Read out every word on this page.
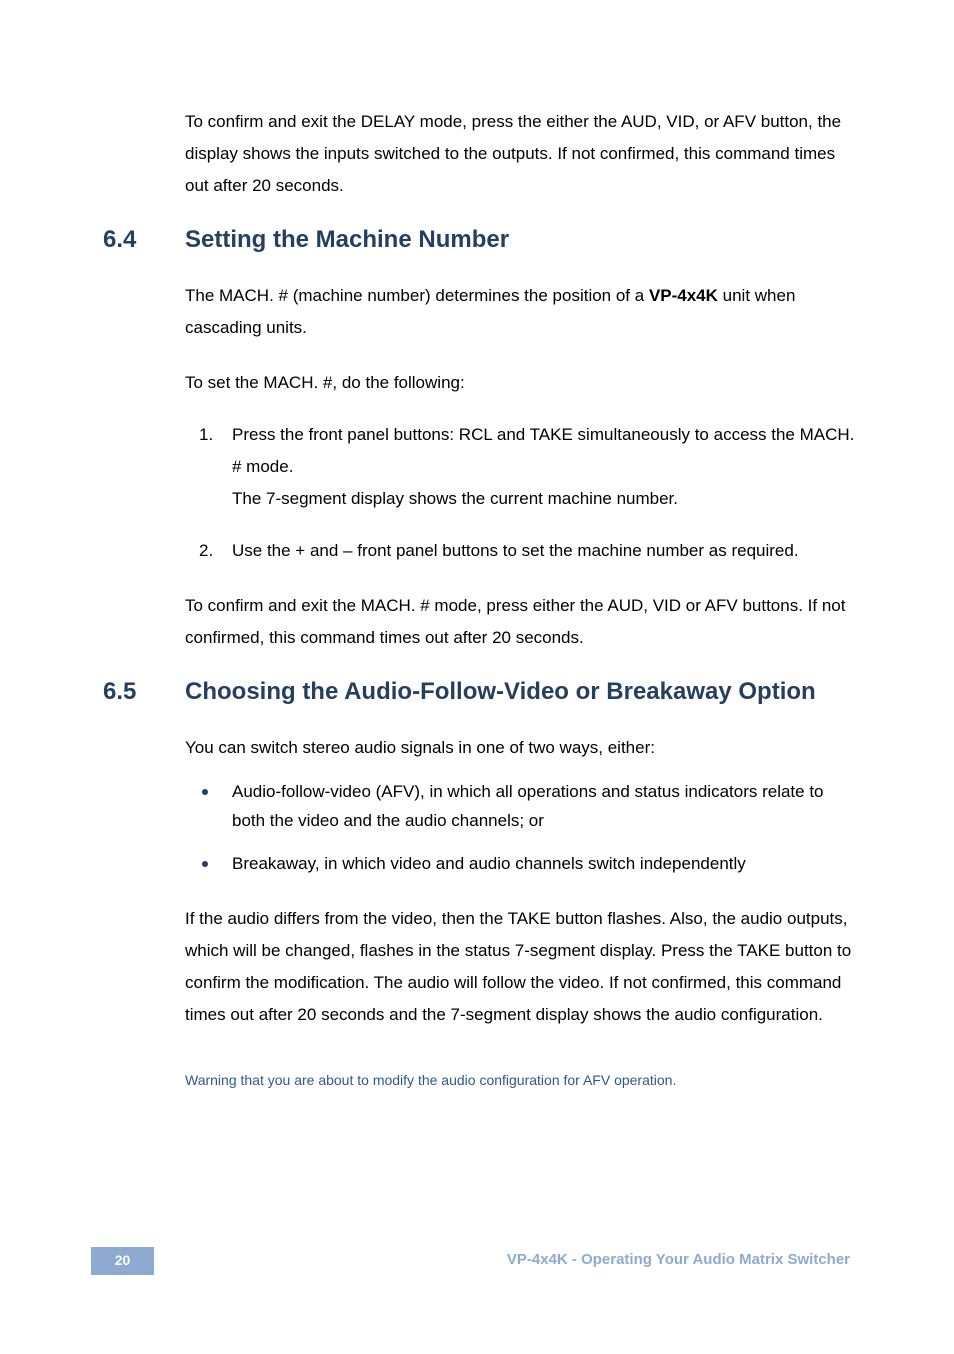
To confirm and exit the DELAY mode, press the either the AUD, VID, or AFV button, the display shows the inputs switched to the outputs. If not confirmed, this command times out after 20 seconds.

6.4 Setting the Machine Number

The MACH. # (machine number) determines the position of a VP-4x4K unit when cascading units.

To set the MACH. #, do the following:

1. Press the front panel buttons: RCL and TAKE simultaneously to access the MACH. # mode.
The 7-segment display shows the current machine number.
2. Use the + and – front panel buttons to set the machine number as required.

To confirm and exit the MACH. # mode, press either the AUD, VID or AFV buttons. If not confirmed, this command times out after 20 seconds.

6.5 Choosing the Audio-Follow-Video or Breakaway Option

You can switch stereo audio signals in one of two ways, either:

Audio-follow-video (AFV), in which all operations and status indicators relate to both the video and the audio channels; or
Breakaway, in which video and audio channels switch independently

If the audio differs from the video, then the TAKE button flashes. Also, the audio outputs, which will be changed, flashes in the status 7-segment display. Press the TAKE button to confirm the modification. The audio will follow the video. If not confirmed, this command times out after 20 seconds and the 7-segment display shows the audio configuration.

Warning that you are about to modify the audio configuration for AFV operation.
20	VP-4x4K - Operating Your Audio Matrix Switcher
